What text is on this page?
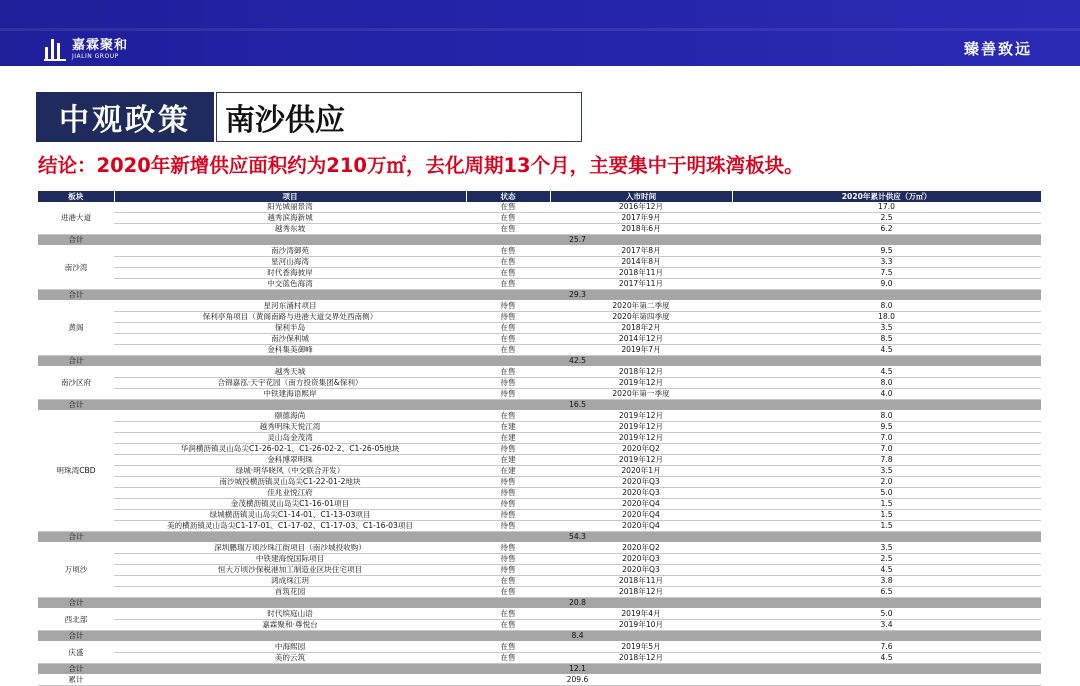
嘉霖聚和
JIALIN GROUP	臻善致远
中观政策	南沙供应
结论：2020年新增供应面积约为210万㎡，去化周期13个月，主要集中于明珠湾板块。
板块	项目	状态	入市时间	2020年累计供应（万㎡）
进港大道	阳光城丽景湾	在售	2016年12月	17.0
	越秀滨海新城	在售	2017年9月	2.5
	越秀东坡	在售	2018年6月	6.2
合计	25.7			
南沙湾	南沙湾御苑	在售	2017年8月	9.5
	星河山海湾	在售	2014年8月	3.3
	时代香海彼岸	在售	2018年11月	7.5
	中交蓝色海湾	在售	2017年11月	9.0
合计	29.3			
黄阁	星河东涌村项目	待售	2020年第二季度	8.0
	保利亭角项目（黄阁南路与进港大道交界处西南侧）	待售	2020年第四季度	18.0
	保利半岛	在售	2018年2月	3.5
	南沙保利城	在售	2014年12月	8.5
	金科集美御峰	在售	2019年7月	4.5
合计	42.5			
南沙区府	越秀天城	在售	2018年12月	4.5
	合锦嘉泓·天宇花园（南方投资集团&保利）	待售	2019年12月	8.0
	中铁建海语熙岸	待售	2020年第一季度	4.0
合计	16.5			
明珠湾CBD	颐德海尚	在售	2019年12月	8.0
	越秀明珠天悦江湾	在建	2019年12月	9.5
	灵山岛金茂湾	在建	2019年12月	7.0
	华润横沥镇灵山岛尖C1-26-02-1、C1-26-02-2、C1-26-05地块	待售	2020年Q2	7.0
	金科博翠明珠	在建	2019年12月	7.8
	绿城·明华晓风（中交联合开发）	在建	2020年1月	3.5
	南沙城投横沥镇灵山岛尖C1-22-01-2地块	待售	2020年Q3	2.0
	佳兆业悦江府	待售	2020年Q3	5.0
	金茂横沥镇灵山岛尖C1-16-01项目	待售	2020年Q4	1.5
	绿城横沥镇灵山岛尖C1-14-01、C1-13-03项目	待售	2020年Q4	1.5
	美的横沥镇灵山岛尖C1-17-01、C1-17-02、C1-17-03、C1-16-03项目	待售	2020年Q4	1.5
合计	54.3			
万顷沙	深圳鹏瑞万顷沙珠江街项目（南沙城投收购）	待售	2020年Q2	3.5
	中铁建海悦国际项目	待售	2020年Q3	2.5
	恒大万顷沙保税港加工制造业区块住宅项目	待售	2020年Q3	4.5
	鸿成珠江玥	在售	2018年11月	3.8
	首筑花园	在售	2018年12月	6.5
合计	20.8			
西北部	时代缤庭山语	在售	2019年4月	5.0
	嘉霖聚和·尊悦台	在售	2019年10月	3.4
合计	8.4			
庆盛	中海熙园	在售	2019年5月	7.6
	美的云筑	在售	2018年12月	4.5
合计	12.1			
累计	209.6			
